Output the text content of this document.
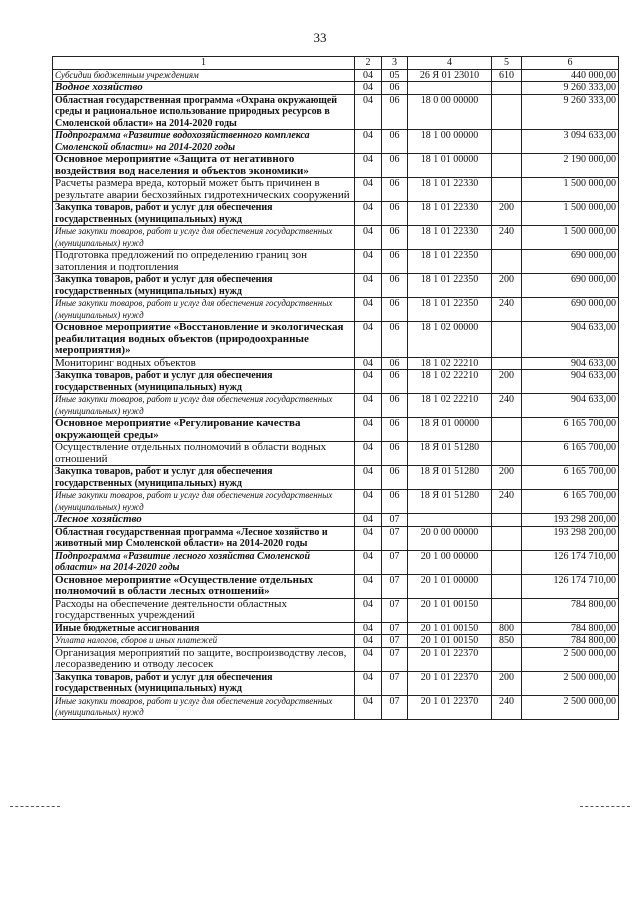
33
1	2	3	4	5	6
Субсидии бюджетным учреждениям	04	05	26 Я 01 23010	610	440 000,00
Водное хозяйство	04	06			9 260 333,00
Областная государственная программа «Охрана окружающей среды и рациональное использование природных ресурсов в Смоленской области» на 2014-2020 годы	04	06	18 0 00 00000		9 260 333,00
Подпрограмма «Развитие водохозяйственного комплекса Смоленской области» на 2014-2020 годы	04	06	18 1 00 00000		3 094 633,00
Основное мероприятие «Защита от негативного воздействия вод населения и объектов экономики»	04	06	18 1 01 00000		2 190 000,00
Расчеты размера вреда, который может быть причинен в результате аварии бесхозяйных гидротехнических сооружений	04	06	18 1 01 22330		1 500 000,00
Закупка товаров, работ и услуг для обеспечения государственных (муниципальных) нужд	04	06	18 1 01 22330	200	1 500 000,00
Иные закупки товаров, работ и услуг для обеспечения государственных (муниципальных) нужд	04	06	18 1 01 22330	240	1 500 000,00
Подготовка предложений по определению границ зон затопления и подтопления	04	06	18 1 01 22350		690 000,00
Закупка товаров, работ и услуг для обеспечения государственных (муниципальных) нужд	04	06	18 1 01 22350	200	690 000,00
Иные закупки товаров, работ и услуг для обеспечения государственных (муниципальных) нужд	04	06	18 1 01 22350	240	690 000,00
Основное мероприятие «Восстановление и экологическая реабилитация водных объектов (природоохранные мероприятия)»	04	06	18 1 02 00000		904 633,00
Мониторинг водных объектов	04	06	18 1 02 22210		904 633,00
Закупка товаров, работ и услуг для обеспечения государственных (муниципальных) нужд	04	06	18 1 02 22210	200	904 633,00
Иные закупки товаров, работ и услуг для обеспечения государственных (муниципальных) нужд	04	06	18 1 02 22210	240	904 633,00
Основное мероприятие «Регулирование качества окружающей среды»	04	06	18 Я 01 00000		6 165 700,00
Осуществление отдельных полномочий в области водных отношений	04	06	18 Я 01 51280		6 165 700,00
Закупка товаров, работ и услуг для обеспечения государственных (муниципальных) нужд	04	06	18 Я 01 51280	200	6 165 700,00
Иные закупки товаров, работ и услуг для обеспечения государственных (муниципальных) нужд	04	06	18 Я 01 51280	240	6 165 700,00
Лесное хозяйство	04	07			193 298 200,00
Областная государственная программа «Лесное хозяйство и животный мир Смоленской области» на 2014-2020 годы	04	07	20 0 00 00000		193 298 200,00
Подпрограмма «Развитие лесного хозяйства Смоленской области» на 2014-2020 годы	04	07	20 1 00 00000		126 174 710,00
Основное мероприятие «Осуществление отдельных полномочий в области лесных отношений»	04	07	20 1 01 00000		126 174 710,00
Расходы на обеспечение деятельности областных государственных учреждений	04	07	20 1 01 00150		784 800,00
Иные бюджетные ассигнования	04	07	20 1 01 00150	800	784 800,00
Уплата налогов, сборов и иных платежей	04	07	20 1 01 00150	850	784 800,00
Организация мероприятий по защите, воспроизводству лесов, лесоразведению и отводу лесосек	04	07	20 1 01 22370		2 500 000,00
Закупка товаров, работ и услуг для обеспечения государственных (муниципальных) нужд	04	07	20 1 01 22370	200	2 500 000,00
Иные закупки товаров, работ и услуг для обеспечения государственных (муниципальных) нужд	04	07	20 1 01 22370	240	2 500 000,00
